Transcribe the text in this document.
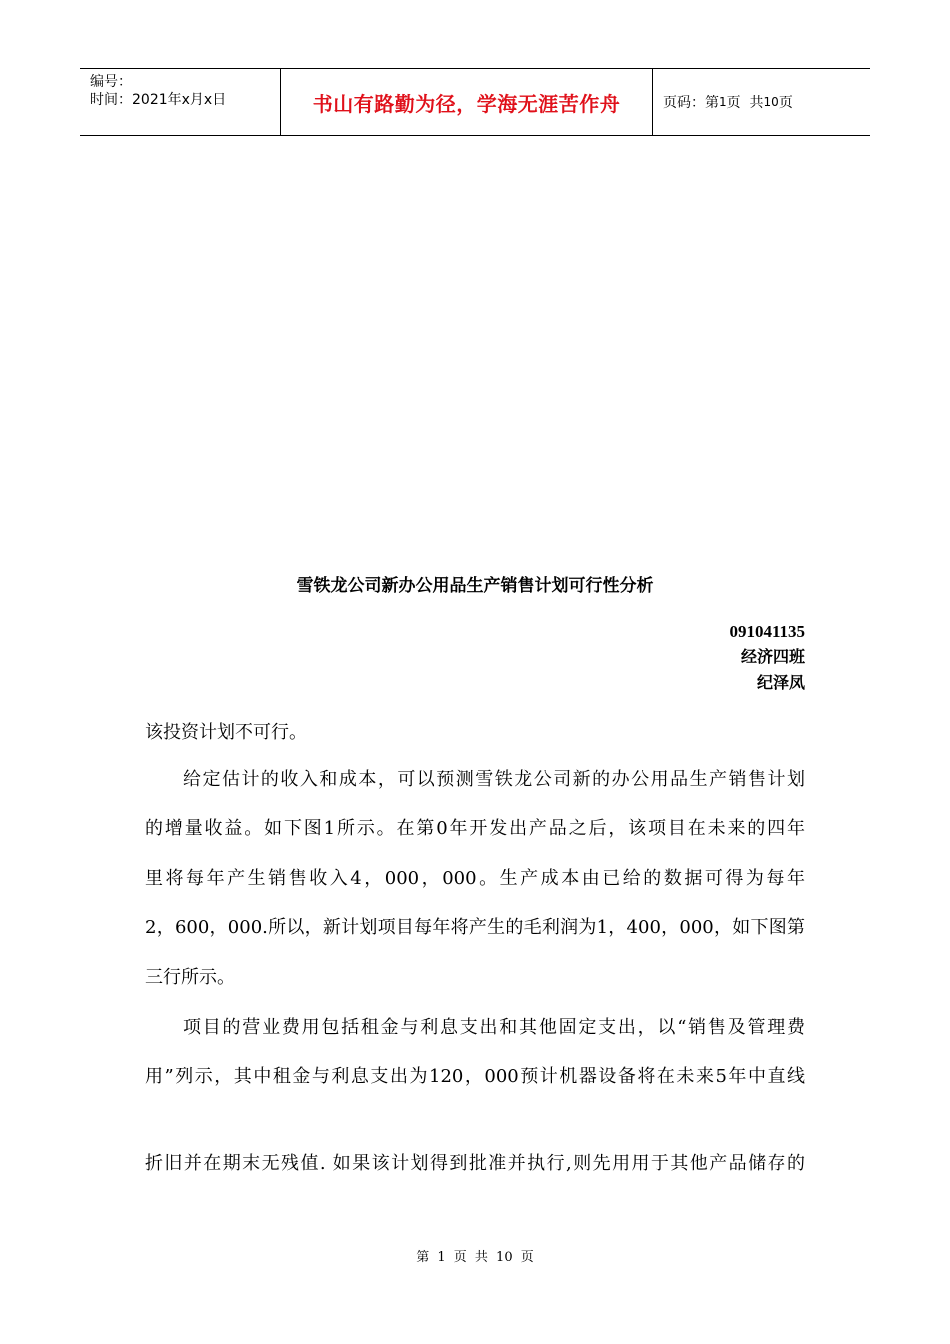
编号：
时间：2021年x月x日	书山有路勤为径，学海无涯苦作舟	页码：第 1 页  共 10 页
雪铁龙公司新办公用品生产销售计划可行性分析
091041135
经济四班
纪泽凤
该投资计划不可行。
给定估计的收入和成本，可以预测雪铁龙公司新的办公用品生产销售计划
的增量收益。如下图1所示。在第0年开发出产品之后，该项目在未来的四年
里将每年产生销售收入4，000，000。生产成本由已给的数据可得为每年
2，600，000.所以，新计划项目每年将产生的毛利润为1，400，000，如下图第
三行所示。
项目的营业费用包括租金与利息支出和其他固定支出，以“销售及管理费
用”列示，其中租金与利息支出为120，000预计机器设备将在未来5年中直线
折旧并在期末无残值. 如果该计划得到批准并执行,则先用用于其他产品储存的
第 1 页 共 10 页
